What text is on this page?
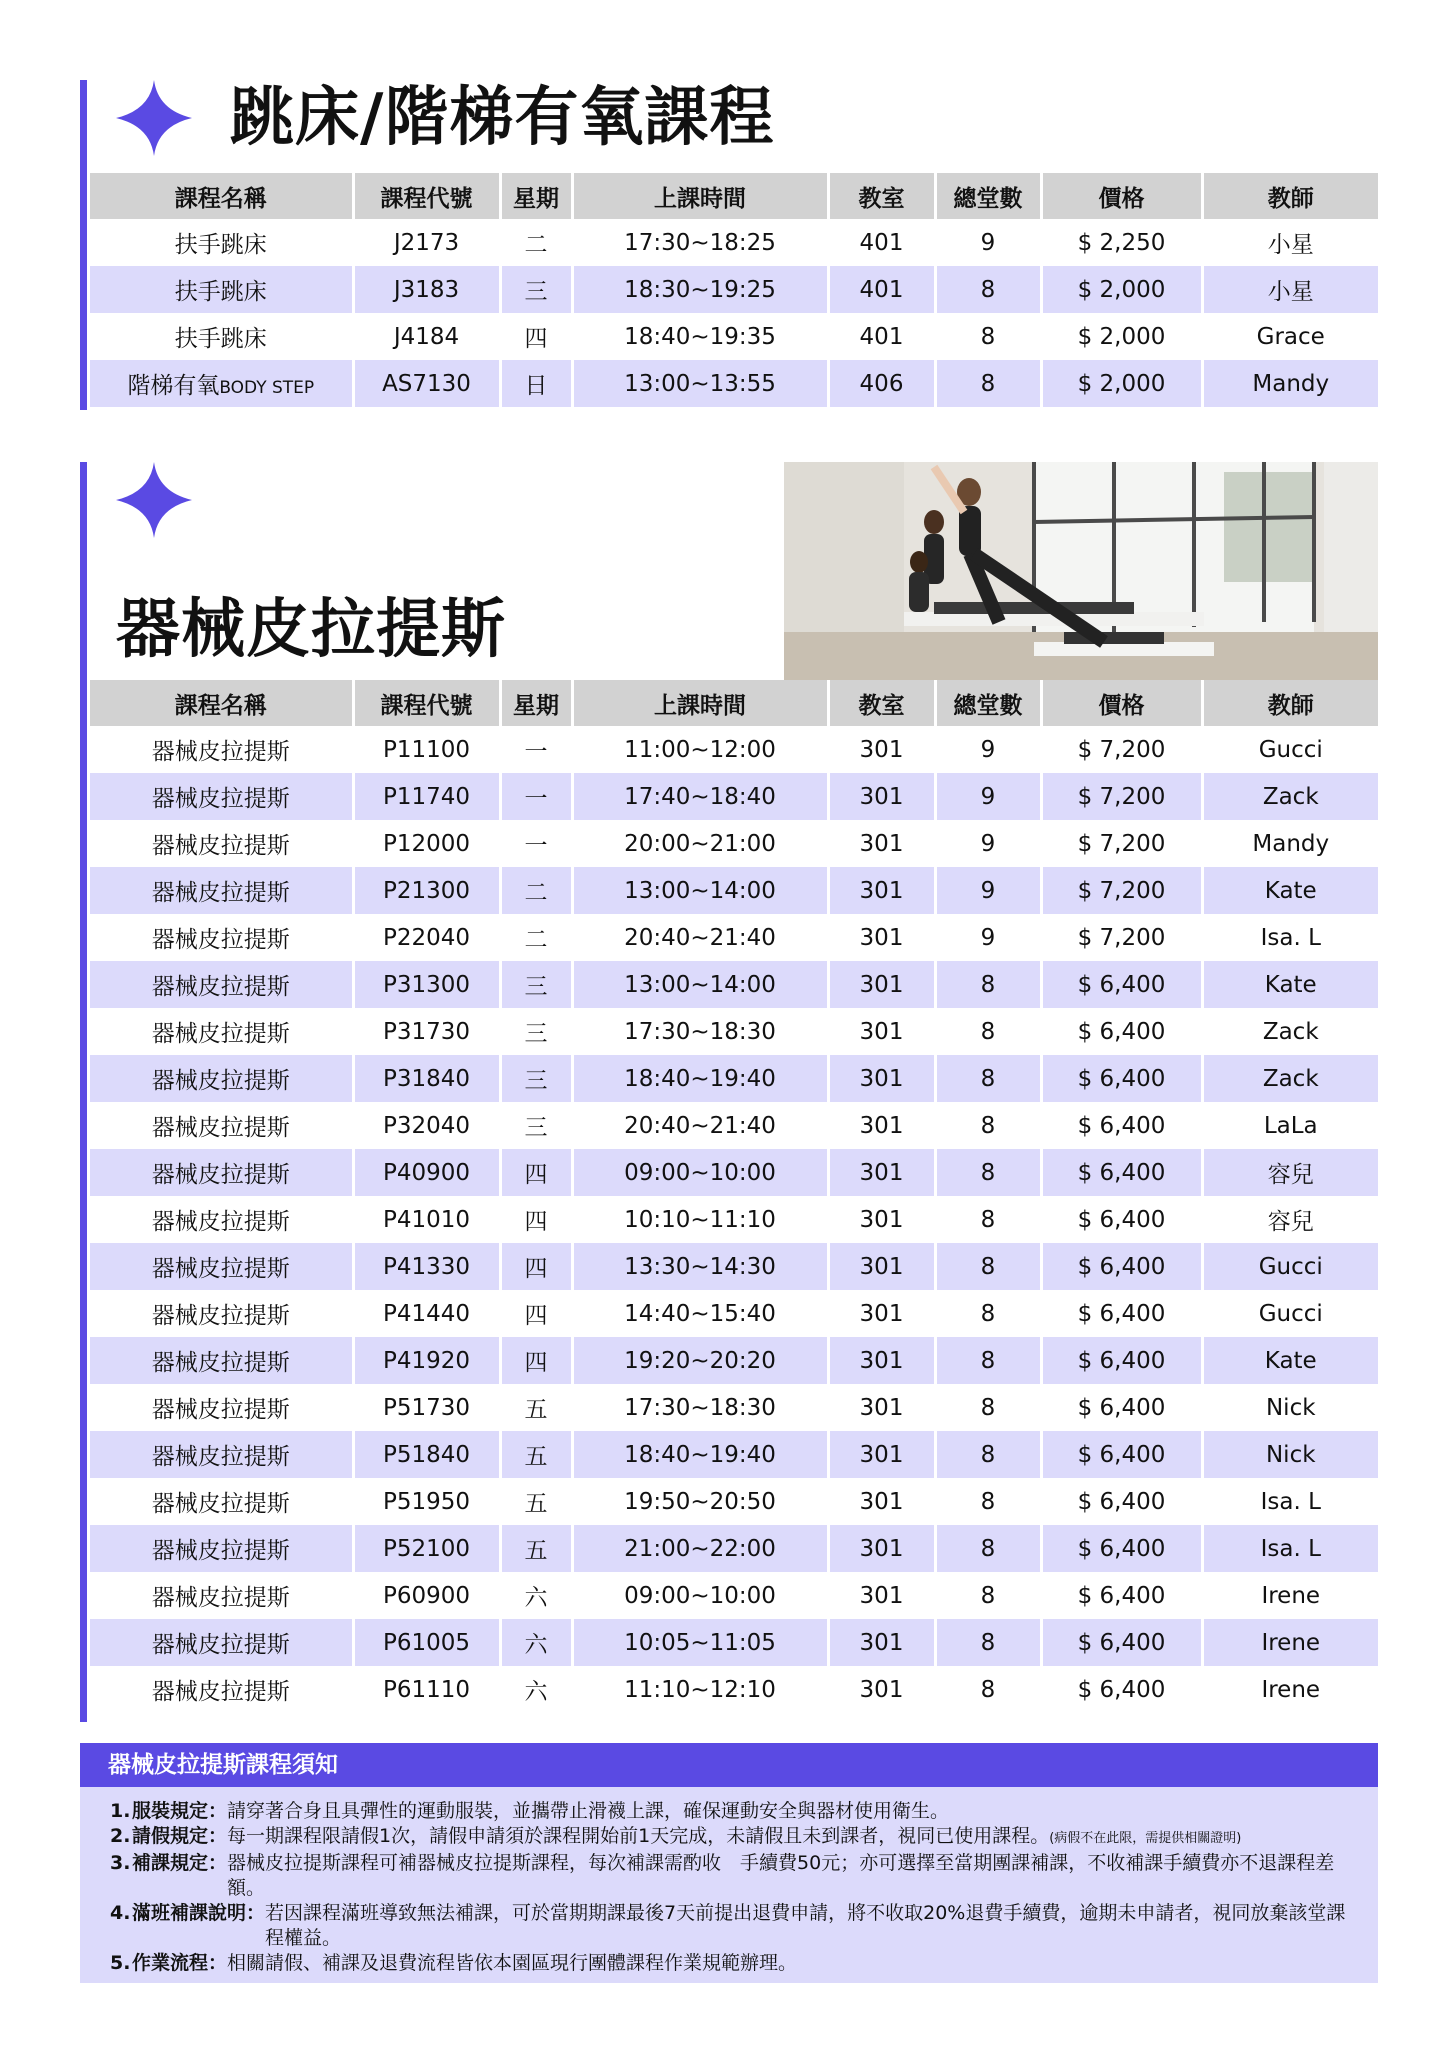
跳床/階梯有氧課程
課程名稱	課程代號	星期	上課時間	教室	總堂數	價格	教師
扶手跳床	J2173	二	17:30~18:25	401	9	$ 2,250	小星
扶手跳床	J3183	三	18:30~19:25	401	8	$ 2,000	小星
扶手跳床	J4184	四	18:40~19:35	401	8	$ 2,000	Grace
階梯有氧BODY STEP	AS7130	日	13:00~13:55	406	8	$ 2,000	Mandy
器械皮拉提斯
課程名稱	課程代號	星期	上課時間	教室	總堂數	價格	教師
器械皮拉提斯	P11100	一	11:00~12:00	301	9	$ 7,200	Gucci
器械皮拉提斯	P11740	一	17:40~18:40	301	9	$ 7,200	Zack
器械皮拉提斯	P12000	一	20:00~21:00	301	9	$ 7,200	Mandy
器械皮拉提斯	P21300	二	13:00~14:00	301	9	$ 7,200	Kate
器械皮拉提斯	P22040	二	20:40~21:40	301	9	$ 7,200	Isa. L
器械皮拉提斯	P31300	三	13:00~14:00	301	8	$ 6,400	Kate
器械皮拉提斯	P31730	三	17:30~18:30	301	8	$ 6,400	Zack
器械皮拉提斯	P31840	三	18:40~19:40	301	8	$ 6,400	Zack
器械皮拉提斯	P32040	三	20:40~21:40	301	8	$ 6,400	LaLa
器械皮拉提斯	P40900	四	09:00~10:00	301	8	$ 6,400	容兒
器械皮拉提斯	P41010	四	10:10~11:10	301	8	$ 6,400	容兒
器械皮拉提斯	P41330	四	13:30~14:30	301	8	$ 6,400	Gucci
器械皮拉提斯	P41440	四	14:40~15:40	301	8	$ 6,400	Gucci
器械皮拉提斯	P41920	四	19:20~20:20	301	8	$ 6,400	Kate
器械皮拉提斯	P51730	五	17:30~18:30	301	8	$ 6,400	Nick
器械皮拉提斯	P51840	五	18:40~19:40	301	8	$ 6,400	Nick
器械皮拉提斯	P51950	五	19:50~20:50	301	8	$ 6,400	Isa. L
器械皮拉提斯	P52100	五	21:00~22:00	301	8	$ 6,400	Isa. L
器械皮拉提斯	P60900	六	09:00~10:00	301	8	$ 6,400	Irene
器械皮拉提斯	P61005	六	10:05~11:05	301	8	$ 6,400	Irene
器械皮拉提斯	P61110	六	11:10~12:10	301	8	$ 6,400	Irene
器械皮拉提斯課程須知
1. 服裝規定： 請穿著合身且具彈性的運動服裝，並攜帶止滑襪上課，確保運動安全與器材使用衛生。
2. 請假規定： 每一期課程限請假1次，請假申請須於課程開始前1天完成，未請假且未到課者，視同已使用課程。(病假不在此限，需提供相關證明)
3. 補課規定： 器械皮拉提斯課程可補器械皮拉提斯課程，每次補課需酌收　手續費50元；亦可選擇至當期團課補課，不收補課手續費亦不退課程差額。
4. 滿班補課說明： 若因課程滿班導致無法補課，可於當期期課最後7天前提出退費申請，將不收取20%退費手續費，逾期未申請者，視同放棄該堂課程權益。
5. 作業流程： 相關請假、補課及退費流程皆依本園區現行團體課程作業規範辦理。
